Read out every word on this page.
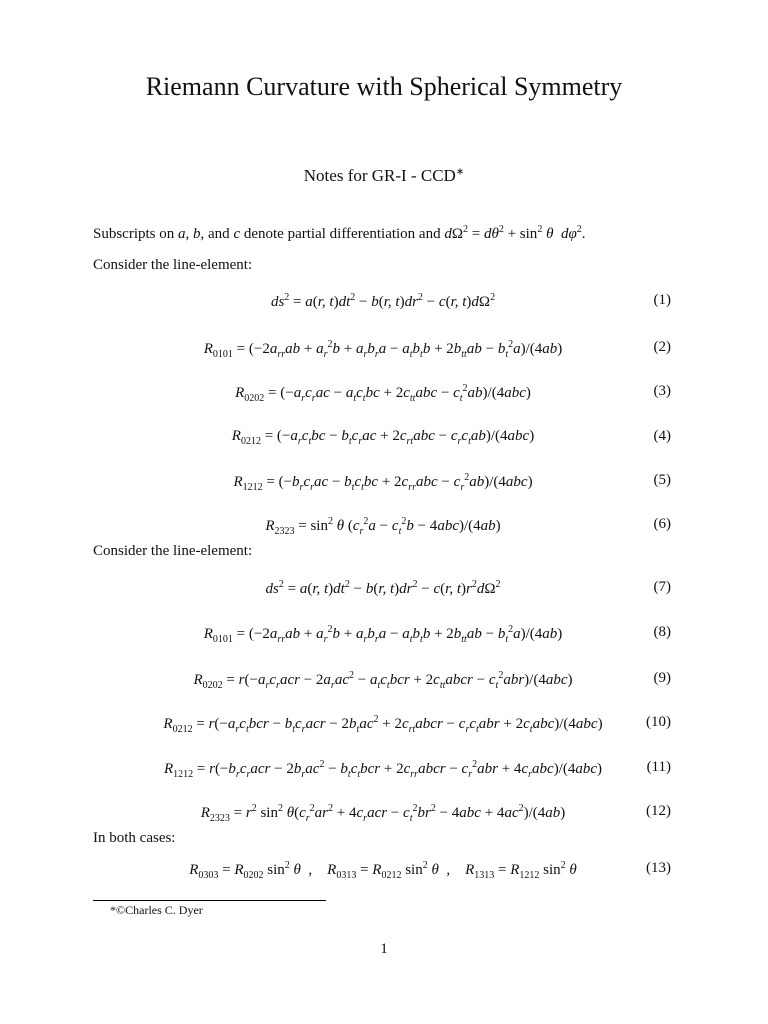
Riemann Curvature with Spherical Symmetry
Notes for GR-I - CCD∗
Subscripts on a, b, and c denote partial differentiation and $d\Omega^2 = d\theta^2 + \sin^2 \theta$ $d\varphi^2$.
Consider the line-element:
$ds^2 = a(r$, $t)dt^2 - b(r$, $t)dr^2 - c(r$, $t)d\Omega^2$	(1)
$R_{0101} = (-2a_{rr}ab + a_r^2b + a_rb_ra - a_tb_tb + 2b_{tt}ab - b_t^2a)/(4ab)$	(2)
$R_{0202} = (-a_rc_rac - a_tc_tbc + 2c_{tt}abc - c_t^2ab)/(4abc)$	(3)
$R_{0212} = (-a_rc_tbc - b_tc_rac + 2c_{rt}abc - c_rc_tab)/(4abc)$	(4)
$R_{1212} = (-b_rc_rac - b_tc_tbc + 2c_{rr}abc - c_r^2ab)/(4abc)$	(5)
$R_{2323} = \sin^2 \theta$ $(c_r^2a - c_t^2b - 4abc)/(4ab)$	(6)
Consider the line-element:
$ds^2 = a(r$, $t)dt^2 - b(r$, $t)dr^2 - c(r$, $t)r^2d\Omega^2$	(7)
$R_{0101} = (-2a_{rr}ab + a_r^2b + a_rb_ra - a_tb_tb + 2b_{tt}ab - b_t^2a)/(4ab)$	(8)
$R_{0202} = r(-a_rc_racr - 2a_rac^2 - a_tc_tbcr$ + $2c_{tt}abcr - c_t^2abr)/(4abc)$	(9)
$R_{0212} = r(-a_rc_tbcr - b_tc_racr - 2b_tac^2$ + $2c_{rt}abcr - c_rc_tabr + 2c_tabc)/(4abc)$	(10)
$R_{1212} = r(-b_rc_racr - 2b_rac^2 - b_tc_tbcr$ + $2c_{rr}abcr - c_r^2abr + 4c_rabc)/(4abc)$	(11)
$R_{2323} = r^2$ $\sin^2 \theta(c_r^2ar^2 + 4c_racr - c_t^2br^2 - 4abc + 4ac^2)/(4ab)$	(12)
In both cases:
$R_{0303} = R_{0202}$ $\sin^2 \theta$  ,    $R_{0313} = R_{0212}$ $\sin^2 \theta$  ,    $R_{1313} = R_{1212}$ $\sin^2 \theta$	(13)
*©Charles C. Dyer
1
